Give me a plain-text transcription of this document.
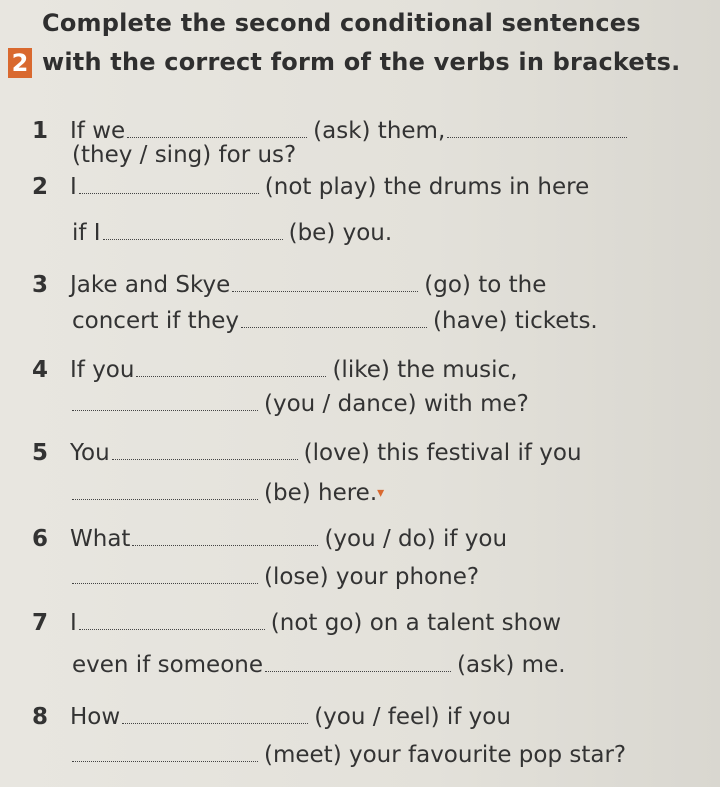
2
Complete the second conditional sentences
with the correct form of the verbs in brackets.
1 If we	(ask) them,
(they / sing) for us?
2 I	(not play) the drums in here
if I	(be) you.
3 Jake and Skye	(go) to the
concert if they	(have) tickets.
4 If you	(like) the music,
(you / dance) with me?
5 You	(love) this festival if you
(be) here.▾
6 What	(you / do) if you
(lose) your phone?
7 I	(not go) on a talent show
even if someone	(ask) me.
8 How	(you / feel) if you
(meet) your favourite pop star?
